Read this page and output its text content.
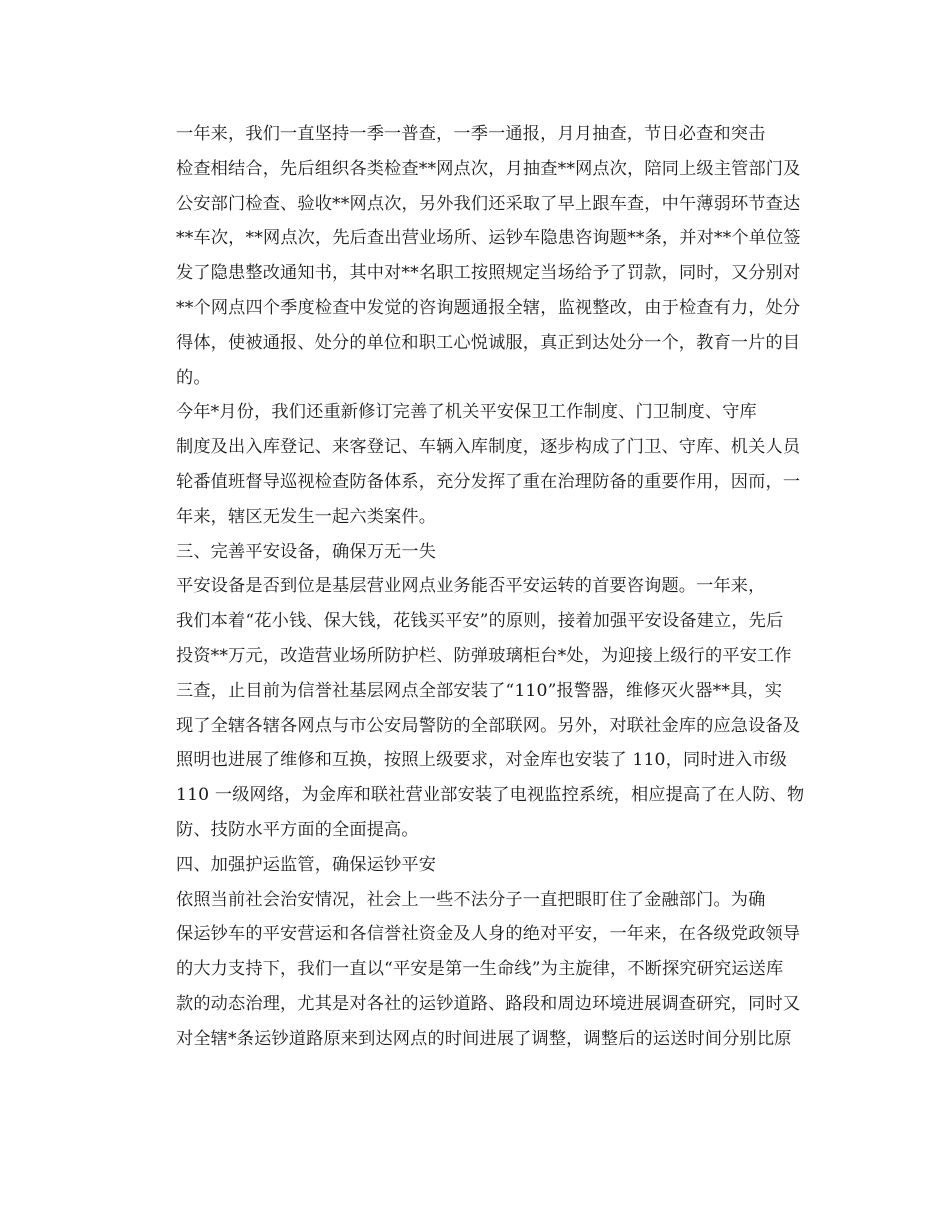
一年来，我们一直坚持一季一普查，一季一通报，月月抽查，节日必查和突击
检查相结合，先后组织各类检查**网点次，月抽查**网点次，陪同上级主管部门及
公安部门检查、验收**网点次，另外我们还采取了早上跟车查，中午薄弱环节查达
**车次，**网点次，先后查出营业场所、运钞车隐患咨询题**条，并对**个单位签
发了隐患整改通知书，其中对**名职工按照规定当场给予了罚款，同时，又分别对
**个网点四个季度检查中发觉的咨询题通报全辖，监视整改，由于检查有力，处分
得体，使被通报、处分的单位和职工心悦诚服，真正到达处分一个，教育一片的目
的。

今年*月份，我们还重新修订完善了机关平安保卫工作制度、门卫制度、守库
制度及出入库登记、来客登记、车辆入库制度，逐步构成了门卫、守库、机关人员
轮番值班督导巡视检查防备体系，充分发挥了重在治理防备的重要作用，因而，一
年来，辖区无发生一起六类案件。

三、完善平安设备，确保万无一失

平安设备是否到位是基层营业网点业务能否平安运转的首要咨询题。一年来，
我们本着“花小钱、保大钱，花钱买平安”的原则，接着加强平安设备建立，先后
投资**万元，改造营业场所防护栏、防弹玻璃柜台*处，为迎接上级行的平安工作
三查，止目前为信誉社基层网点全部安装了“110”报警器，维修灭火器**具，实
现了全辖各辖各网点与市公安局警防的全部联网。另外，对联社金库的应急设备及
照明也进展了维修和互换，按照上级要求，对金库也安装了 110，同时进入市级
110 一级网络，为金库和联社营业部安装了电视监控系统，相应提高了在人防、物
防、技防水平方面的全面提高。

四、加强护运监管，确保运钞平安

依照当前社会治安情况，社会上一些不法分子一直把眼盯住了金融部门。为确
保运钞车的平安营运和各信誉社资金及人身的绝对平安，一年来，在各级党政领导
的大力支持下，我们一直以“平安是第一生命线”为主旋律，不断探究研究运送库
款的动态治理，尤其是对各社的运钞道路、路段和周边环境进展调查研究，同时又
对全辖*条运钞道路原来到达网点的时间进展了调整，调整后的运送时间分别比原
